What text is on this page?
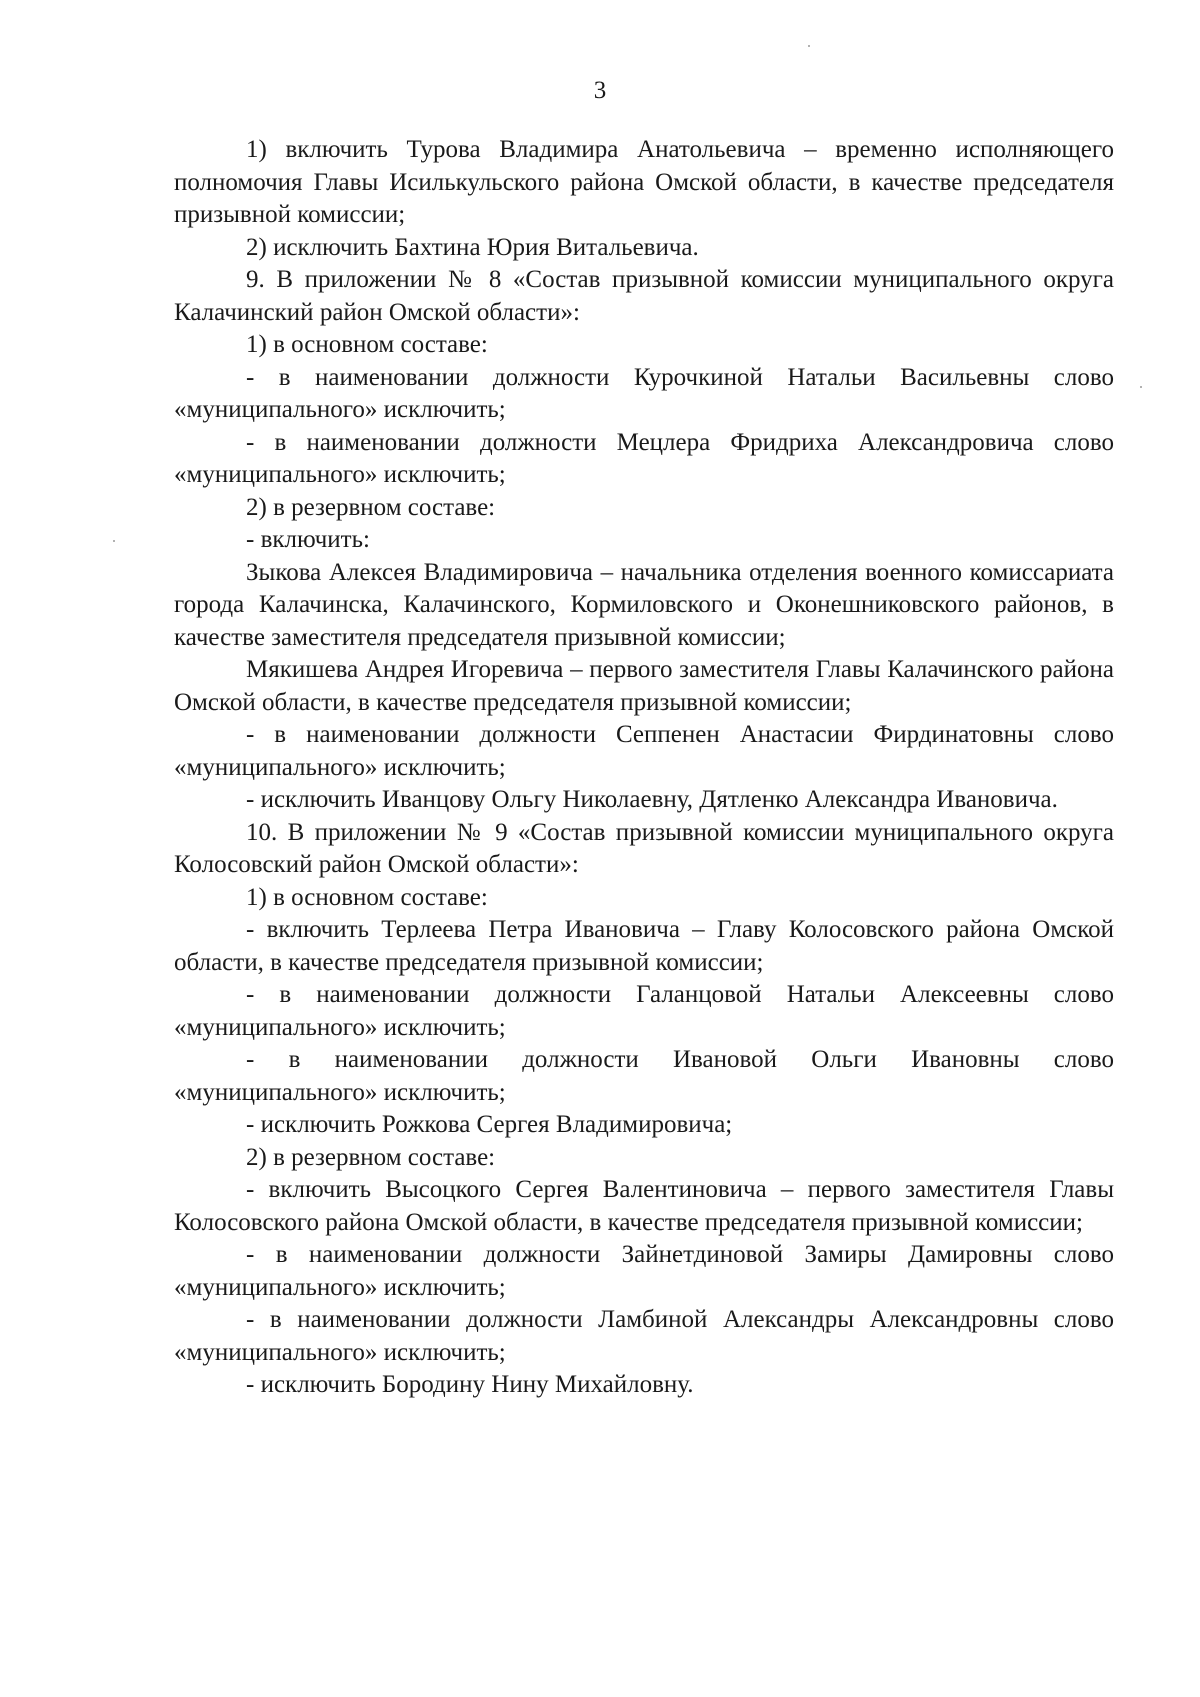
3

1) включить Турова Владимира Анатольевича – временно исполняющего полномочия Главы Исилькульского района Омской области, в качестве председателя призывной комиссии;

2) исключить Бахтина Юрия Витальевича.

9. В приложении № 8 «Состав призывной комиссии муниципального округа Калачинский район Омской области»:

1) в основном составе:

- в наименовании должности Курочкиной Натальи Васильевны слово «муниципального» исключить;

- в наименовании должности Мецлера Фридриха Александровича слово «муниципального» исключить;

2) в резервном составе:

- включить:

Зыкова Алексея Владимировича – начальника отделения военного комиссариата города Калачинска, Калачинского, Кормиловского и Оконешниковского районов, в качестве заместителя председателя призывной комиссии;

Мякишева Андрея Игоревича – первого заместителя Главы Калачинского района Омской области, в качестве председателя призывной комиссии;

- в наименовании должности Сеппенен Анастасии Фирдинатовны слово «муниципального» исключить;

- исключить Иванцову Ольгу Николаевну, Дятленко Александра Ивановича.

10. В приложении № 9 «Состав призывной комиссии муниципального округа Колосовский район Омской области»:

1) в основном составе:

- включить Терлеева Петра Ивановича – Главу Колосовского района Омской области, в качестве председателя призывной комиссии;

- в наименовании должности Галанцовой Натальи Алексеевны слово «муниципального» исключить;

- в наименовании должности Ивановой Ольги Ивановны слово «муниципального» исключить;

- исключить Рожкова Сергея Владимировича;

2) в резервном составе:

- включить Высоцкого Сергея Валентиновича – первого заместителя Главы Колосовского района Омской области, в качестве председателя призывной комиссии;

- в наименовании должности Зайнетдиновой Замиры Дамировны слово «муниципального» исключить;

- в наименовании должности Ламбиной Александры Александровны слово «муниципального» исключить;

- исключить Бородину Нину Михайловну.
